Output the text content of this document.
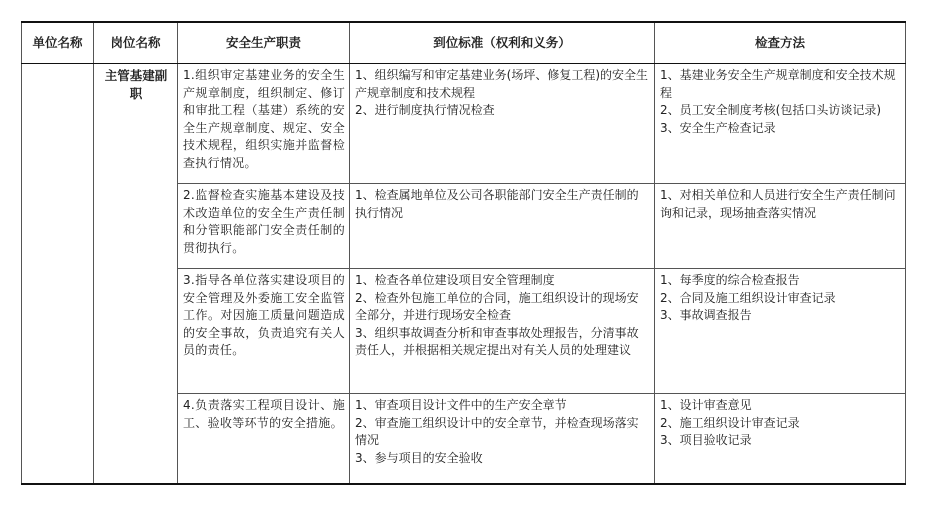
单位名称	岗位名称	安全生产职责	到位标准（权利和义务）	检查方法
	主管基建副职	1.组织审定基建业务的安全生产规章制度，组织制定、修订和审批工程（基建）系统的安全生产规章制度、规定、安全技术规程，组织实施并监督检查执行情况。	1、组织编写和审定基建业务(场坪、修复工程)的安全生产规章制度和技术规程
2、进行制度执行情况检查	1、基建业务安全生产规章制度和安全技术规程
2、员工安全制度考核(包括口头访谈记录)
3、安全生产检查记录

		2.监督检查实施基本建设及技术改造单位的安全生产责任制和分管职能部门安全责任制的贯彻执行。	1、检查属地单位及公司各职能部门安全生产责任制的执行情况	1、对相关单位和人员进行安全生产责任制问询和记录，现场抽查落实情况

		3.指导各单位落实建设项目的安全管理及外委施工安全监管工作。对因施工质量问题造成的安全事故，负责追究有关人员的责任。	1、检查各单位建设项目安全管理制度
2、检查外包施工单位的合同，施工组织设计的现场安全部分，并进行现场安全检查
3、组织事故调查分析和审查事故处理报告，分清事故责任人，并根据相关规定提出对有关人员的处理建议	1、每季度的综合检查报告
2、合同及施工组织设计审查记录
3、事故调查报告

		4.负责落实工程项目设计、施工、验收等环节的安全措施。	1、审查项目设计文件中的生产安全章节
2、审查施工组织设计中的安全章节，并检查现场落实情况
3、参与项目的安全验收	1、设计审查意见
2、施工组织设计审查记录
3、项目验收记录
